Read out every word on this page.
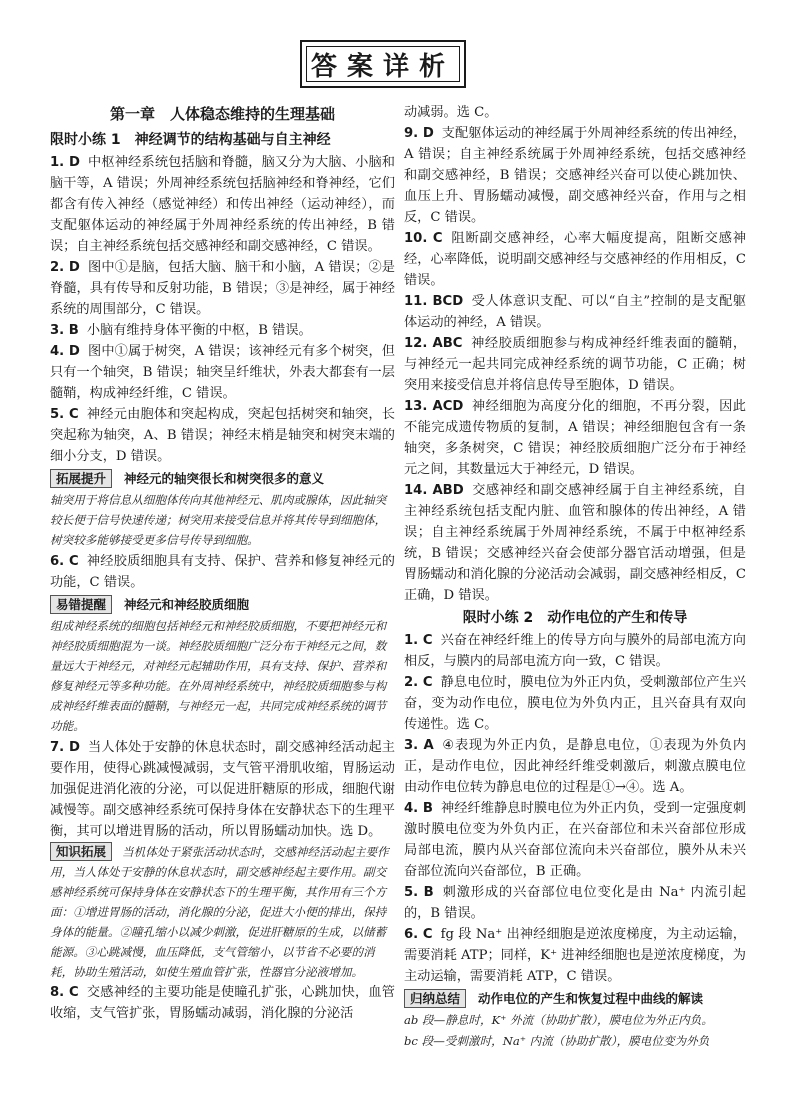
答案详析

第一章　人体稳态维持的生理基础

限时小练 1 神经调节的结构基础与自主神经

1. D 中枢神经系统包括脑和脊髓，脑又分为大脑、小脑和脑干等，A 错误；外周神经系统包括脑神经和脊神经，它们都含有传入神经（感觉神经）和传出神经（运动神经），而支配躯体运动的神经属于外周神经系统的传出神经，B 错误；自主神经系统包括交感神经和副交感神经，C 错误。

2. D 图中①是脑，包括大脑、脑干和小脑，A 错误；②是脊髓，具有传导和反射功能，B 错误；③是神经，属于神经系统的周围部分，C 错误。

3. B 小脑有维持身体平衡的中枢，B 错误。

4. D 图中①属于树突，A 错误；该神经元有多个树突，但只有一个轴突，B 错误；轴突呈纤维状，外表大都套有一层髓鞘，构成神经纤维，C 错误。

5. C 神经元由胞体和突起构成，突起包括树突和轴突，长突起称为轴突，A、B 错误；神经末梢是轴突和树突末端的细小分支，D 错误。

拓展提升 神经元的轴突很长和树突很多的意义

轴突用于将信息从细胞体传向其他神经元、肌肉或腺体，因此轴突较长便于信号快速传递；树突用来接受信息并将其传导到细胞体，树突较多能够接受更多信号传导到细胞。

6. C 神经胶质细胞具有支持、保护、营养和修复神经元的功能，C 错误。

易错提醒 神经元和神经胶质细胞

组成神经系统的细胞包括神经元和神经胶质细胞，不要把神经元和神经胶质细胞混为一谈。神经胶质细胞广泛分布于神经元之间，数量远大于神经元，对神经元起辅助作用，具有支持、保护、营养和修复神经元等多种功能。在外周神经系统中，神经胶质细胞参与构成神经纤维表面的髓鞘，与神经元一起，共同完成神经系统的调节功能。

7. D 当人体处于安静的休息状态时，副交感神经活动起主要作用，使得心跳减慢减弱，支气管平滑肌收缩，胃肠运动加强促进消化液的分泌，可以促进肝糖原的形成，细胞代谢减慢等。副交感神经系统可保持身体在安静状态下的生理平衡，其可以增进胃肠的活动，所以胃肠蠕动加快。选 D。

知识拓展 当机体处于紧张活动状态时，交感神经活动起主要作用，当人体处于安静的休息状态时，副交感神经起主要作用。副交感神经系统可保持身体在安静状态下的生理平衡，其作用有三个方面：①增进胃肠的活动，消化腺的分泌，促进大小便的排出，保持身体的能量。②瞳孔缩小以减少刺激，促进肝糖原的生成，以储蓄能源。③心跳减慢，血压降低，支气管缩小，以节省不必要的消耗，协助生殖活动，如使生殖血管扩张，性器官分泌液增加。

8. C 交感神经的主要功能是使瞳孔扩张，心跳加快，血管收缩，支气管扩张，胃肠蠕动减弱，消化腺的分泌活

动减弱。选 C。

9. D 支配躯体运动的神经属于外周神经系统的传出神经，A 错误；自主神经系统属于外周神经系统，包括交感神经和副交感神经，B 错误；交感神经兴奋可以使心跳加快、血压上升、胃肠蠕动减慢，副交感神经兴奋，作用与之相反，C 错误。

10. C 阻断副交感神经，心率大幅度提高，阻断交感神经，心率降低，说明副交感神经与交感神经的作用相反，C 错误。

11. BCD 受人体意识支配、可以“自主”控制的是支配躯体运动的神经，A 错误。

12. ABC 神经胶质细胞参与构成神经纤维表面的髓鞘，与神经元一起共同完成神经系统的调节功能，C 正确；树突用来接受信息并将信息传导至胞体，D 错误。

13. ACD 神经细胞为高度分化的细胞，不再分裂，因此不能完成遗传物质的复制，A 错误；神经细胞包含有一条轴突，多条树突，C 错误；神经胶质细胞广泛分布于神经元之间，其数量远大于神经元，D 错误。

14. ABD 交感神经和副交感神经属于自主神经系统，自主神经系统包括支配内脏、血管和腺体的传出神经，A 错误；自主神经系统属于外周神经系统，不属于中枢神经系统，B 错误；交感神经兴奋会使部分器官活动增强，但是胃肠蠕动和消化腺的分泌活动会减弱，副交感神经相反，C 正确，D 错误。

限时小练 2 动作电位的产生和传导

1. C 兴奋在神经纤维上的传导方向与膜外的局部电流方向相反，与膜内的局部电流方向一致，C 错误。

2. C 静息电位时，膜电位为外正内负，受刺激部位产生兴奋，变为动作电位，膜电位为外负内正，且兴奋具有双向传递性。选 C。

3. A ④表现为外正内负，是静息电位，①表现为外负内正，是动作电位，因此神经纤维受刺激后，刺激点膜电位由动作电位转为静息电位的过程是①→④。选 A。

4. B 神经纤维静息时膜电位为外正内负，受到一定强度刺激时膜电位变为外负内正，在兴奋部位和未兴奋部位形成局部电流，膜内从兴奋部位流向未兴奋部位，膜外从未兴奋部位流向兴奋部位，B 正确。

5. B 刺激形成的兴奋部位电位变化是由 Na⁺ 内流引起的，B 错误。

6. C fg 段 Na⁺ 出神经细胞是逆浓度梯度，为主动运输，需要消耗 ATP；同样，K⁺ 进神经细胞也是逆浓度梯度，为主动运输，需要消耗 ATP，C 错误。

归纳总结 动作电位的产生和恢复过程中曲线的解读

ab 段—静息时，K⁺ 外流（协助扩散），膜电位为外正内负。

bc 段—受刺激时，Na⁺ 内流（协助扩散），膜电位变为外负
